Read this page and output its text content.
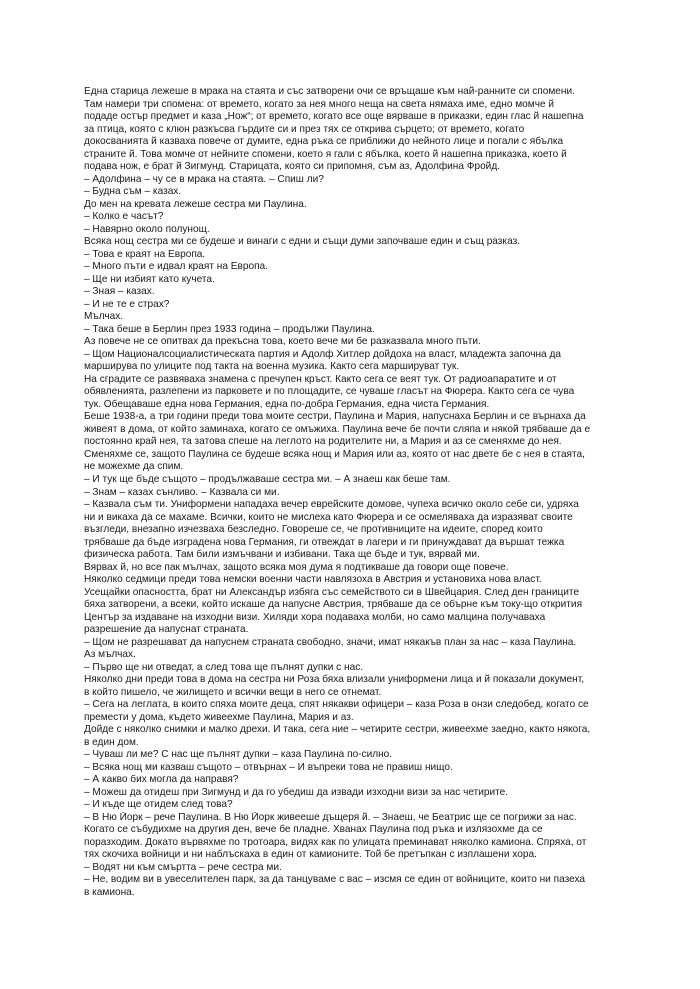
Една старица лежеше в мрака на стаята и със затворени очи се връщаше към най-ранните си спомени.
Там намери три спомена: от времето, когато за нея много неща на света нямаха име, едно момче й
подаде остър предмет и каза „Нож“; от времето, когато все още вярваше в приказки, един глас й нашепна
за птица, която с клюн разкъсва гърдите си и през тях се открива сърцето; от времето, когато
докосванията й казваха повече от думите, една ръка се приближи до нейното лице и погали с ябълка
страните й. Това момче от нейните спомени, което я гали с ябълка, което й нашепна приказка, което й
подава нож, е брат й Зигмунд. Старицата, която си припомня, съм аз, Адолфина Фройд.
– Адолфина – чу се в мрака на стаята. – Спиш ли?
– Будна съм – казах.
До мен на кревата лежеше сестра ми Паулина.
– Колко е часът?
– Навярно около полунощ.
Всяка нощ сестра ми се будеше и винаги с едни и същи думи започваше един и същ разказ.
– Това е краят на Европа.
– Много пъти е идвал краят на Европа.
– Ще ни избият като кучета.
– Зная – казах.
– И не те е страх?
Мълчах.
– Така беше в Берлин през 1933 година – продължи Паулина.
Аз повече не се опитвах да прекъсна това, което вече ми бе разказвала много пъти.
– Щом Националсоциалистическата партия и Адолф Хитлер дойдоха на власт, младежта започна да
марширува по улиците под такта на военна музика. Както сега маршируват тук.
На сградите се развяваха знамена с пречупен кръст. Както сега се веят тук. От радиоапаратите и от
обявленията, разлепени из парковете и по площадите, се чуваше гласът на Фюрера. Както сега се чува
тук. Обещаваше една нова Германия, една по-добра Германия, една чиста Германия.
Беше 1938-а, а три години преди това моите сестри, Паулина и Мария, напуснаха Берлин и се върнаха да
живеят в дома, от който заминаха, когато се омъжиха. Паулина вече бе почти сляпа и някой трябваше да е
постоянно край нея, та затова спеше на леглото на родителите ни, а Мария и аз се сменяхме до нея.
Сменяхме се, защото Паулина се будеше всяка нощ и Мария или аз, която от нас двете бе с нея в стаята,
не можехме да спим.
– И тук ще бъде същото – продължаваше сестра ми. – А знаеш как беше там.
– Знам – казах сънливо. – Казвала си ми.
– Казвала съм ти. Униформени нападаха вечер еврейските домове, чупеха всичко около себе си, удряха
ни и викаха да се махаме. Всички, които не мислеха като Фюрера и се осмеляваха да изразяват своите
възгледи, внезапно изчезваха безследно. Говореше се, че противниците на идеите, според които
трябваше да бъде изградена нова Германия, ги отвеждат в лагери и ги принуждават да вършат тежка
физическа работа. Там били измъчвани и избивани. Така ще бъде и тук, вярвай ми.
Вярвах й, но все пак мълчах, защото всяка моя дума я подтикваше да говори още повече.
Няколко седмици преди това немски военни части навлязоха в Австрия и установиха нова власт.
Усещайки опасността, брат ни Александър избяга със семейството си в Швейцария. След ден границите
бяха затворени, а всеки, който искаше да напусне Австрия, трябваше да се обърне към току-що открития
Център за издаване на изходни визи. Хиляди хора подаваха молби, но само малцина получаваха
разрешение да напуснат страната.
– Щом не разрешават да напуснем страната свободно, значи, имат някакъв план за нас – каза Паулина.
Аз мълчах.
– Първо ще ни отведат, а след това ще пълнят дупки с нас.
Няколко дни преди това в дома на сестра ни Роза бяха влизали униформени лица и й показали документ,
в който пишело, че жилището и всички вещи в него се отнемат.
– Сега на леглата, в които спяха моите деца, спят някакви офицери – каза Роза в онзи следобед, когато се
премести у дома, където живеехме Паулина, Мария и аз.
Дойде с няколко снимки и малко дрехи. И така, сега ние – четирите сестри, живеехме заедно, както някога,
в един дом.
– Чуваш ли ме? С нас ще пълнят дупки – каза Паулина по-силно.
– Всяка нощ ми казваш същото – отвърнах – И въпреки това не правиш нищо.
– А какво бих могла да направя?
– Можеш да отидеш при Зигмунд и да го убедиш да извади изходни визи за нас четирите.
– И къде ще отидем след това?
– В Ню Йорк – рече Паулина. В Ню Йорк живееше дъщеря й. – Знаеш, че Беатрис ще се погрижи за нас.
Когато се събудихме на другия ден, вече бе пладне. Хванах Паулина под ръка и излязохме да се
поразходим. Докато вървяхме по тротоара, видях как по улицата преминават няколко камиона. Спряха, от
тях скочиха войници и ни наблъскаха в един от камионите. Той бе претъпкан с изплашени хора.
– Водят ни към смъртта – рече сестра ми.
– Не, водим ви в увеселителен парк, за да танцуваме с вас – изсмя се един от войниците, които ни пазеха
в камиона.
